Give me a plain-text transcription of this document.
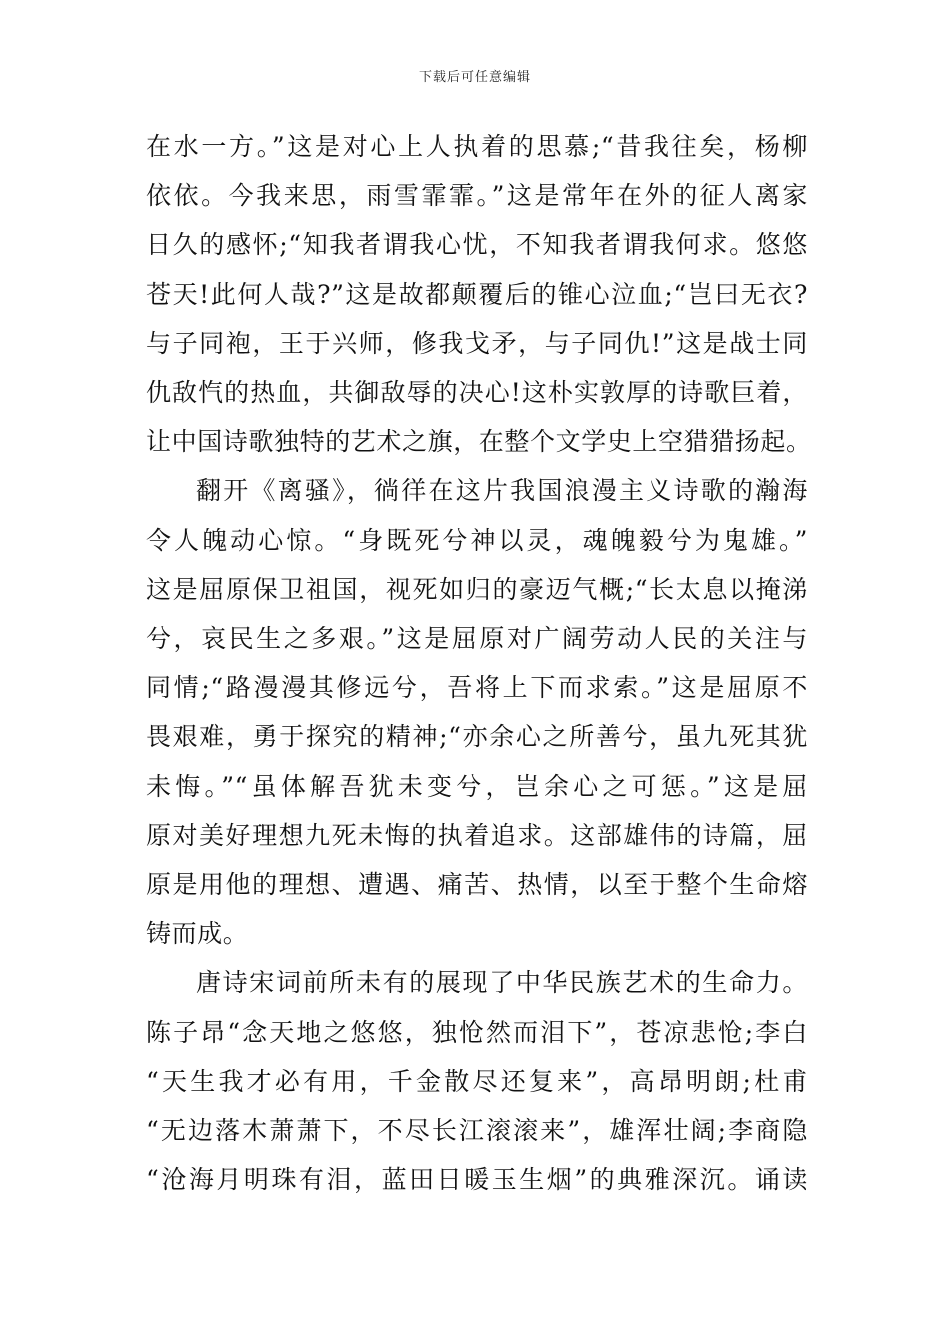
下载后可任意编辑

在水一方。”这是对心上人执着的思慕;“昔我往矣，杨柳
依依。今我来思，雨雪霏霏。”这是常年在外的征人离家
日久的感怀;“知我者谓我心忧，不知我者谓我何求。悠悠
苍天!此何人哉?”这是故都颠覆后的锥心泣血;“岂曰无衣?
与子同袍，王于兴师，修我戈矛，与子同仇!”这是战士同
仇敌忾的热血，共御敌辱的决心!这朴实敦厚的诗歌巨着，
让中国诗歌独特的艺术之旗，在整个文学史上空猎猎扬起。

翻开《离骚》，徜徉在这片我国浪漫主义诗歌的瀚海
令人魄动心惊。“身既死兮神以灵，魂魄毅兮为鬼雄。”
这是屈原保卫祖国，视死如归的豪迈气概;“长太息以掩涕
兮，哀民生之多艰。”这是屈原对广阔劳动人民的关注与
同情;“路漫漫其修远兮，吾将上下而求索。”这是屈原不
畏艰难，勇于探究的精神;“亦余心之所善兮，虽九死其犹
未悔。”“虽体解吾犹未变兮，岂余心之可惩。”这是屈
原对美好理想九死未悔的执着追求。这部雄伟的诗篇，屈
原是用他的理想、遭遇、痛苦、热情，以至于整个生命熔
铸而成。

唐诗宋词前所未有的展现了中华民族艺术的生命力。
陈子昂“念天地之悠悠，独怆然而泪下”，苍凉悲怆;李白
“天生我才必有用，千金散尽还复来”，高昂明朗;杜甫
“无边落木萧萧下，不尽长江滚滚来”，雄浑壮阔;李商隐
“沧海月明珠有泪，蓝田日暖玉生烟”的典雅深沉。诵读
